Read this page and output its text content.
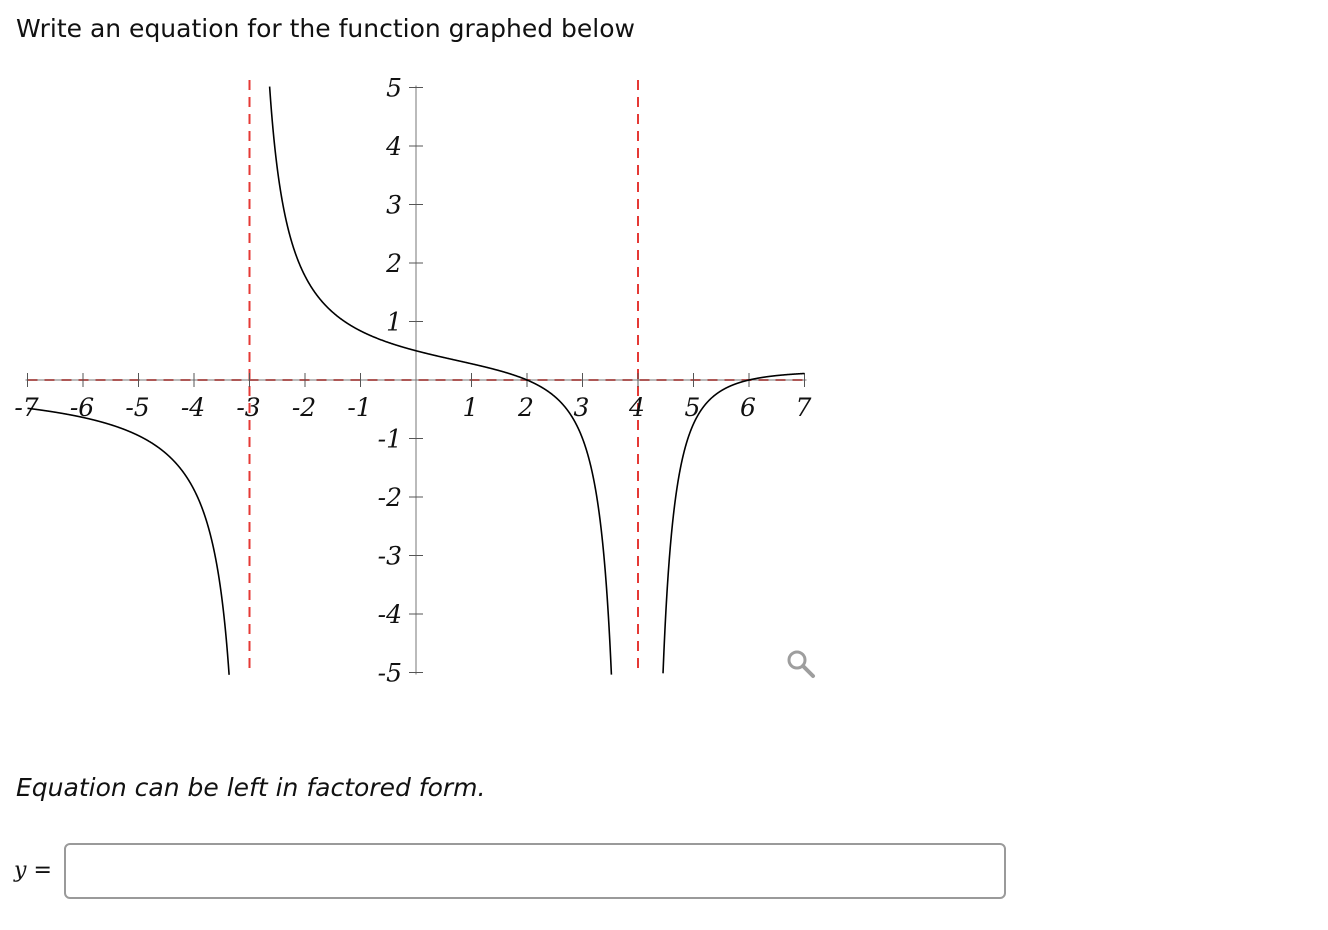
Write an equation for the function graphed below
-7 -6 -5 -4 -3 -2 -1	1 2 3 4 5 6 7
-5
-4
-3
-2
-1
1
2
3
4
5
Equation can be left in factored form.
y =
